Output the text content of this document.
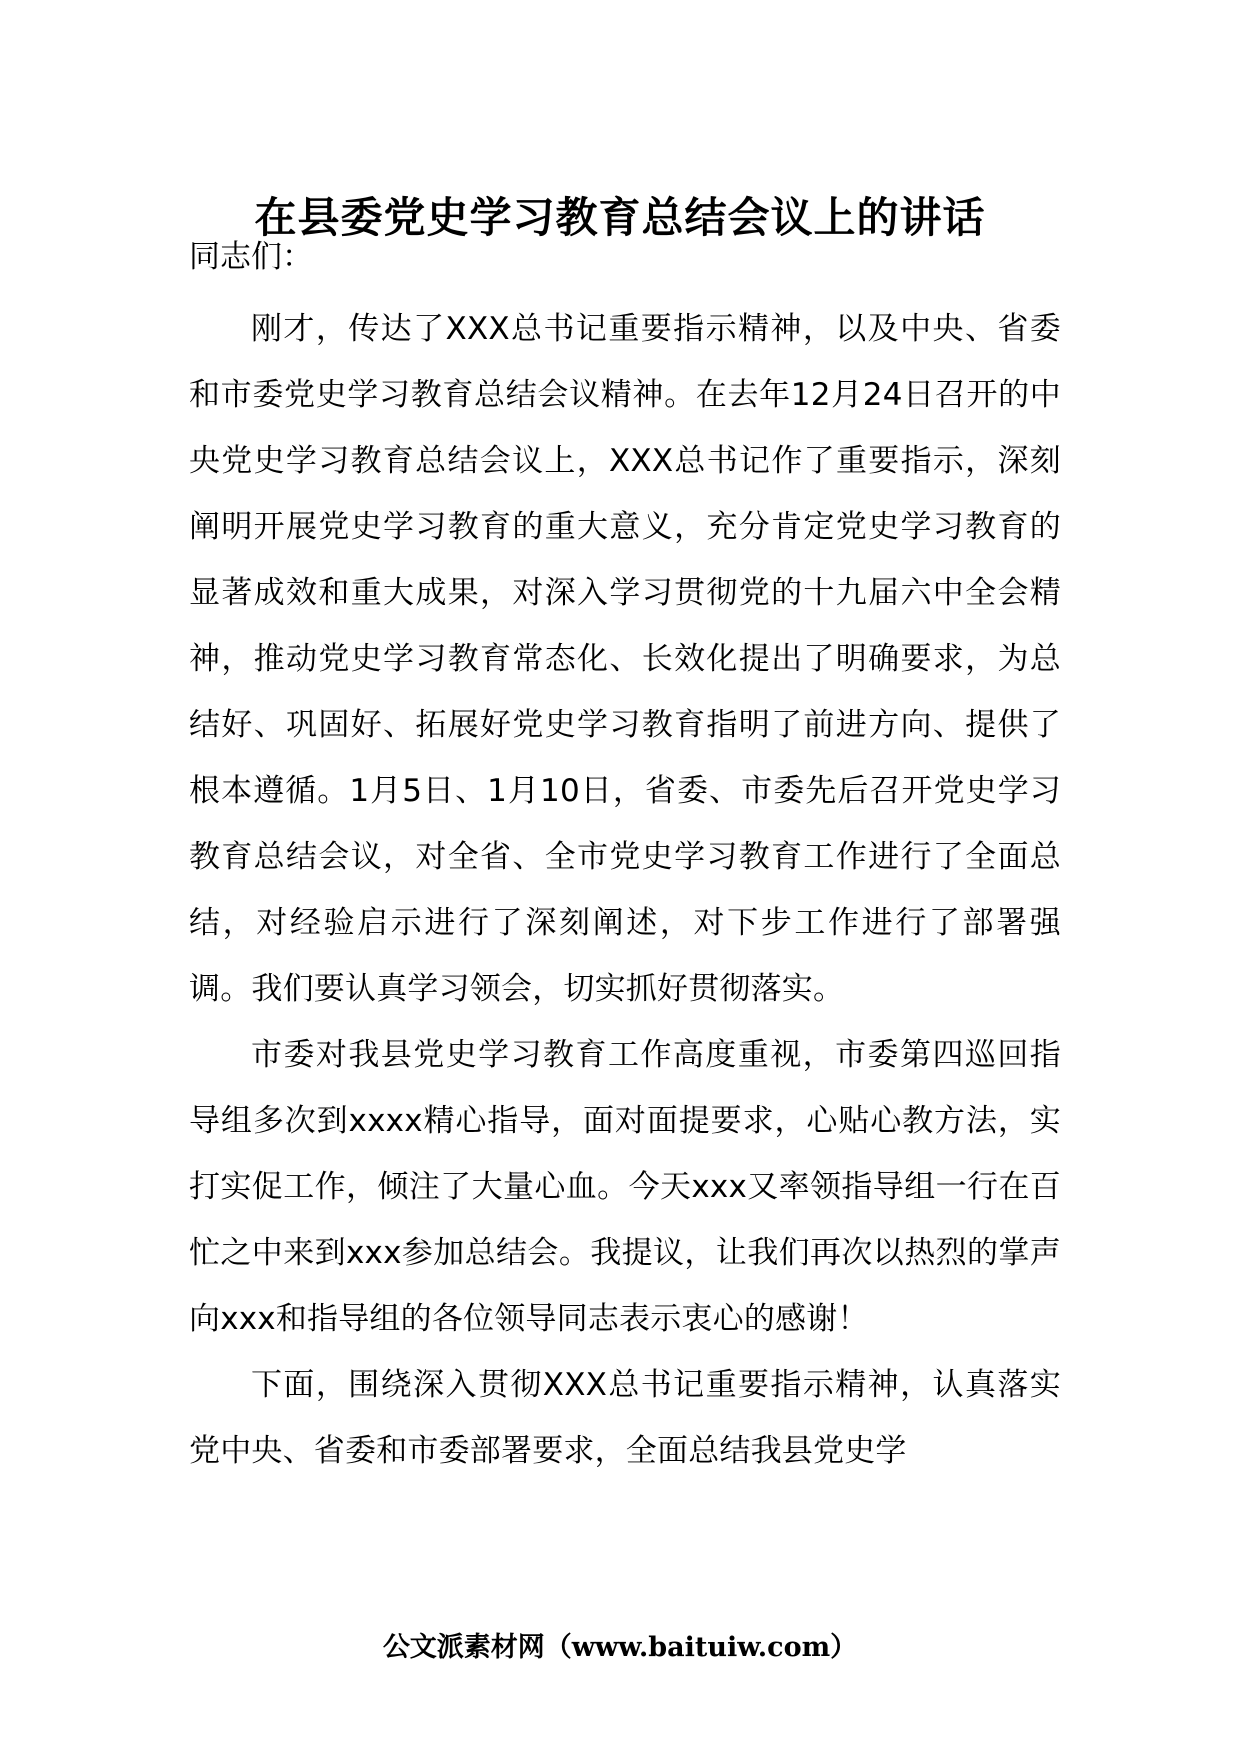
在县委党史学习教育总结会议上的讲话
同志们：

刚才，传达了XXX总书记重要指示精神，以及中央、省委和市委党史学习教育总结会议精神。在去年12月24日召开的中央党史学习教育总结会议上，XXX总书记作了重要指示，深刻阐明开展党史学习教育的重大意义，充分肯定党史学习教育的显著成效和重大成果，对深入学习贯彻党的十九届六中全会精神，推动党史学习教育常态化、长效化提出了明确要求，为总结好、巩固好、拓展好党史学习教育指明了前进方向、提供了根本遵循。1月5日、1月10日，省委、市委先后召开党史学习教育总结会议，对全省、全市党史学习教育工作进行了全面总结，对经验启示进行了深刻阐述，对下步工作进行了部署强调。我们要认真学习领会，切实抓好贯彻落实。

市委对我县党史学习教育工作高度重视，市委第四巡回指导组多次到xxxx精心指导，面对面提要求，心贴心教方法，实打实促工作，倾注了大量心血。今天xxx又率领指导组一行在百忙之中来到xxx参加总结会。我提议，让我们再次以热烈的掌声向xxx和指导组的各位领导同志表示衷心的感谢！

下面，围绕深入贯彻XXX总书记重要指示精神，认真落实党中央、省委和市委部署要求，全面总结我县党史学

公文派素材网（www.baituiw.com）
